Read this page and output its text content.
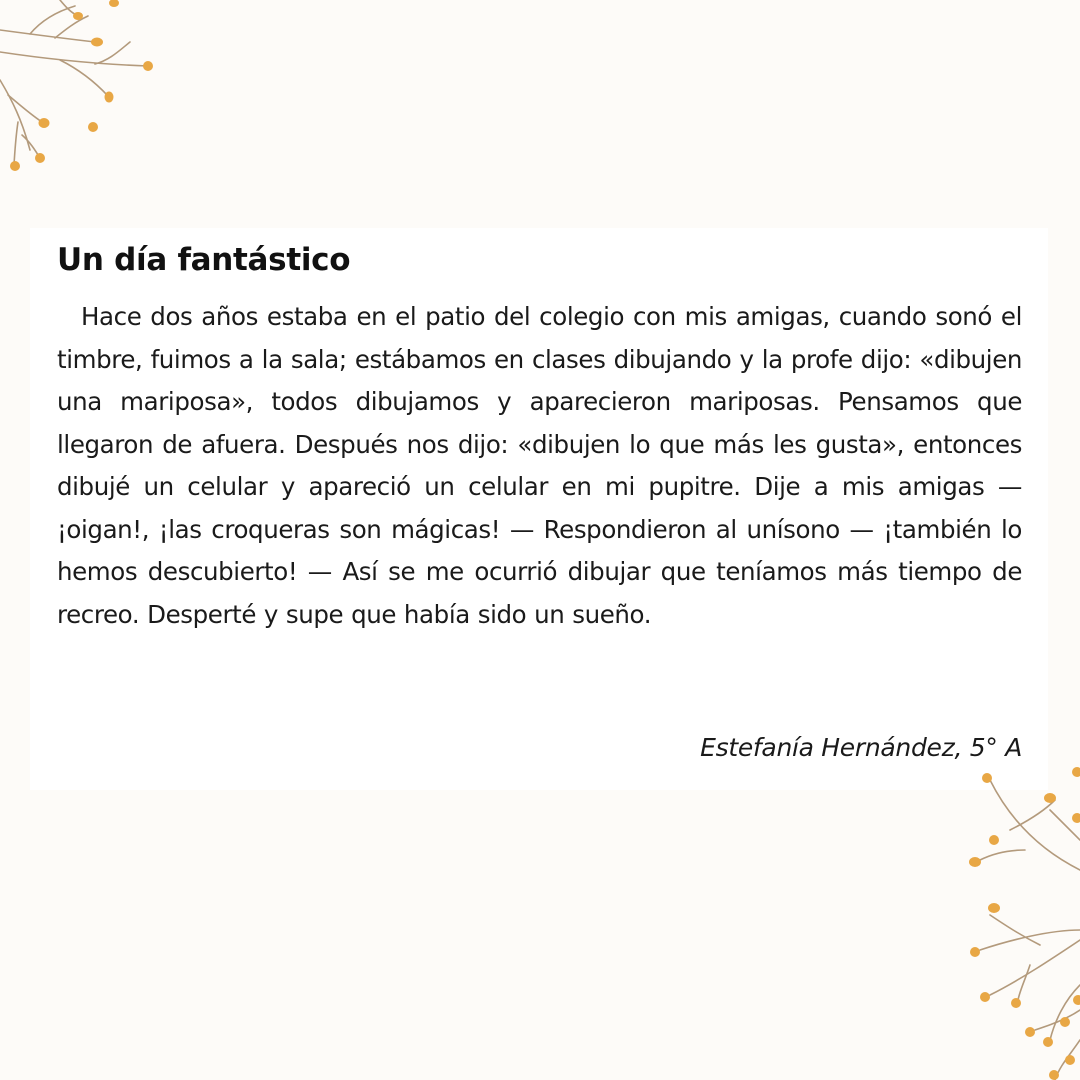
Un día fantástico

Hace dos años estaba en el patio del colegio con mis amigas, cuando sonó el timbre, fuimos a la sala; estábamos en clases dibujando y la profe dijo: «dibujen una mariposa», todos dibujamos y aparecieron mariposas. Pensamos que llegaron de afuera. Después nos dijo: «dibujen lo que más les gusta», entonces dibujé un celular y apareció un celular en mi pupitre. Dije a mis amigas — ¡oigan!, ¡las croqueras son mágicas! — Respondieron al unísono — ¡también lo hemos descubierto! — Así se me ocurrió dibujar que teníamos más tiempo de recreo. Desperté y supe que había sido un sueño.

Estefanía Hernández, 5° A
